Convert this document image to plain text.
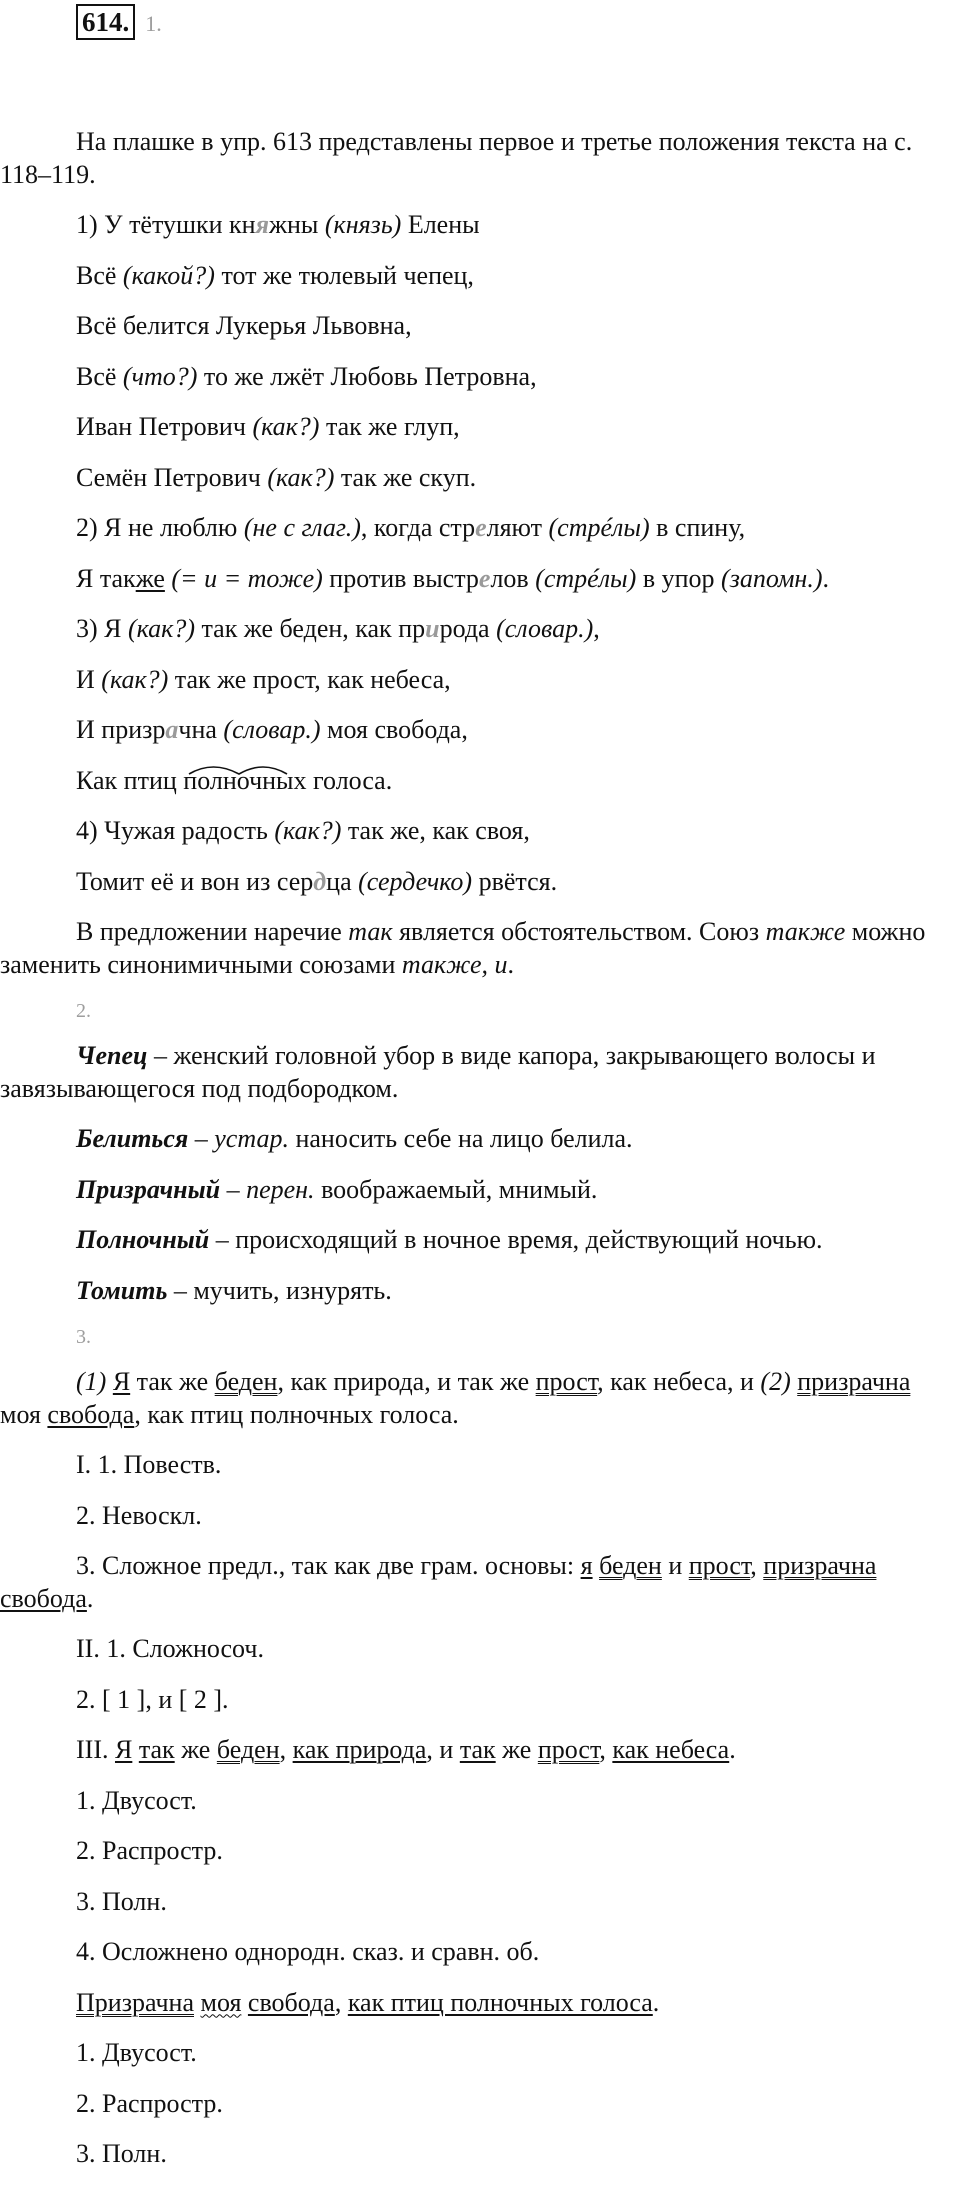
614. 1.

На плашке в упр. 613 представлены первое и третье положения текста на с. 118–119.

1) У тётушки княжны (князь) Елены

Всё (какой?) тот же тюлевый чепец,

Всё белится Лукерья Львовна,

Всё (что?) то же лжёт Любовь Петровна,

Иван Петрович (как?) так же глуп,

Семён Петрович (как?) так же скуп.

2) Я не люблю (не с глаг.), когда стреляют (стрéлы) в спину,

Я также (= и = тоже) против выстрелов (стрéлы) в упор (запомн.).

3) Я (как?) так же беден, как природа (словар.),

И (как?) так же прост, как небеса,

И призрачна (словар.) моя свобода,

Как птиц
полночных голоса.

4) Чужая радость (как?) так же, как своя,

Томит её и вон из сердца (сердечко) рвётся.

В предложении наречие так является обстоятельством. Союз также можно заменить синонимичными союзами также, и.

2.

Чепец – женский головной убор в виде капора, закрывающего волосы и завязывающегося под подбородком.

Белиться – устар. наносить себе на лицо белила.

Призрачный – перен. воображаемый, мнимый.

Полночный – происходящий в ночное время, действующий ночью.

Томить – мучить, изнурять.

3.

(1) Я так же беден, как природа, и так же прост, как небеса, и (2) призрачна моя свобода, как птиц полночных голоса.

I. 1. Повеств.

2. Невоскл.

3. Сложное предл., так как две грам. основы: я беден и прост, призрачна свобода.

II. 1. Сложносоч.

2. [ 1 ], и [ 2 ].

III. Я так же беден, как природа, и так же прост, как небеса.

1. Двусост.

2. Распростр.

3. Полн.

4. Осложнено однородн. сказ. и сравн. об.

Призрачна моя свобода, как птиц полночных голоса.

1. Двусост.

2. Распростр.

3. Полн.
